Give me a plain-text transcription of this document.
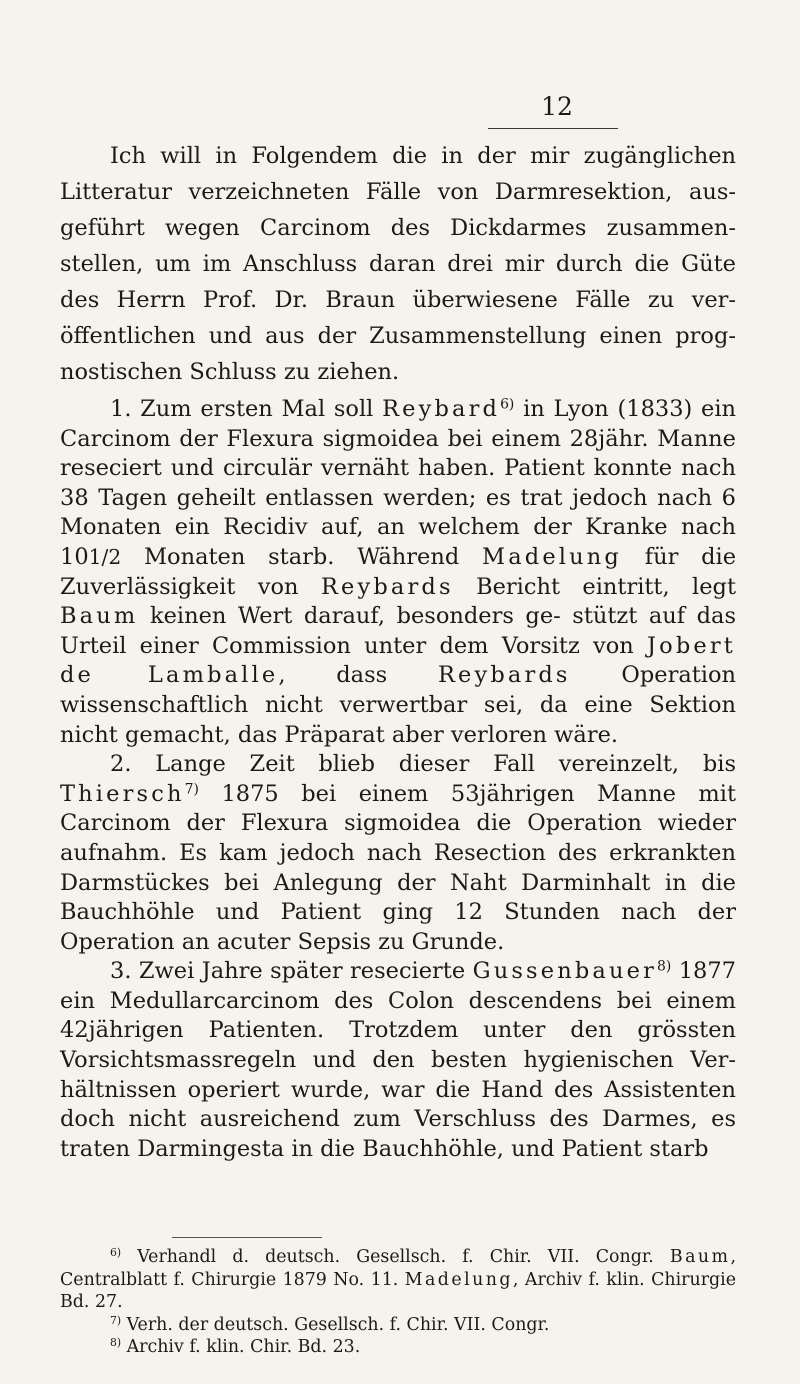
12

Ich will in Folgendem die in der mir zugänglichen Litteratur verzeichneten Fälle von Darmresektion, aus- geführt wegen Carcinom des Dickdarmes zusammen- stellen, um im Anschluss daran drei mir durch die Güte des Herrn Prof. Dr. Braun überwiesene Fälle zu ver- öffentlichen und aus der Zusammenstellung einen prog- nostischen Schluss zu ziehen.

1. Zum ersten Mal soll Reybard$^{6)}$ in Lyon (1833) ein Carcinom der Flexura sigmoidea bei einem 28jähr. Manne reseciert und circulär vernäht haben. Patient konnte nach 38 Tagen geheilt entlassen werden; es trat jedoch nach 6 Monaten ein Recidiv auf, an welchem der Kranke nach 101/2 Monaten starb. Während Madelung für die Zuverlässigkeit von Reybards Bericht eintritt, legt Baum keinen Wert darauf, besonders ge- stützt auf das Urteil einer Commission unter dem Vorsitz von Jobert de Lamballe, dass Reybards Operation wissenschaftlich nicht verwertbar sei, da eine Sektion nicht gemacht, das Präparat aber verloren wäre.

2. Lange Zeit blieb dieser Fall vereinzelt, bis Thiersch$^{7)}$ 1875 bei einem 53jährigen Manne mit Carcinom der Flexura sigmoidea die Operation wieder aufnahm. Es kam jedoch nach Resection des erkrankten Darmstückes bei Anlegung der Naht Darminhalt in die Bauchhöhle und Patient ging 12 Stunden nach der Operation an acuter Sepsis zu Grunde.

3. Zwei Jahre später resecierte Gussenbauer$^{8)}$ 1877 ein Medullarcarcinom des Colon descendens bei einem 42jährigen Patienten. Trotzdem unter den grössten Vorsichtsmassregeln und den besten hygienischen Ver- hältnissen operiert wurde, war die Hand des Assistenten doch nicht ausreichend zum Verschluss des Darmes, es traten Darmingesta in die Bauchhöhle, und Patient starb

$^{6)}$ Verhandl d. deutsch. Gesellsch. f. Chir. VII. Congr. Baum, Centralblatt f. Chirurgie 1879 No. 11. Madelung, Archiv f. klin. Chirurgie Bd. 27.

$^{7)}$ Verh. der deutsch. Gesellsch. f. Chir. VII. Congr.

$^{8)}$ Archiv f. klin. Chir. Bd. 23.
